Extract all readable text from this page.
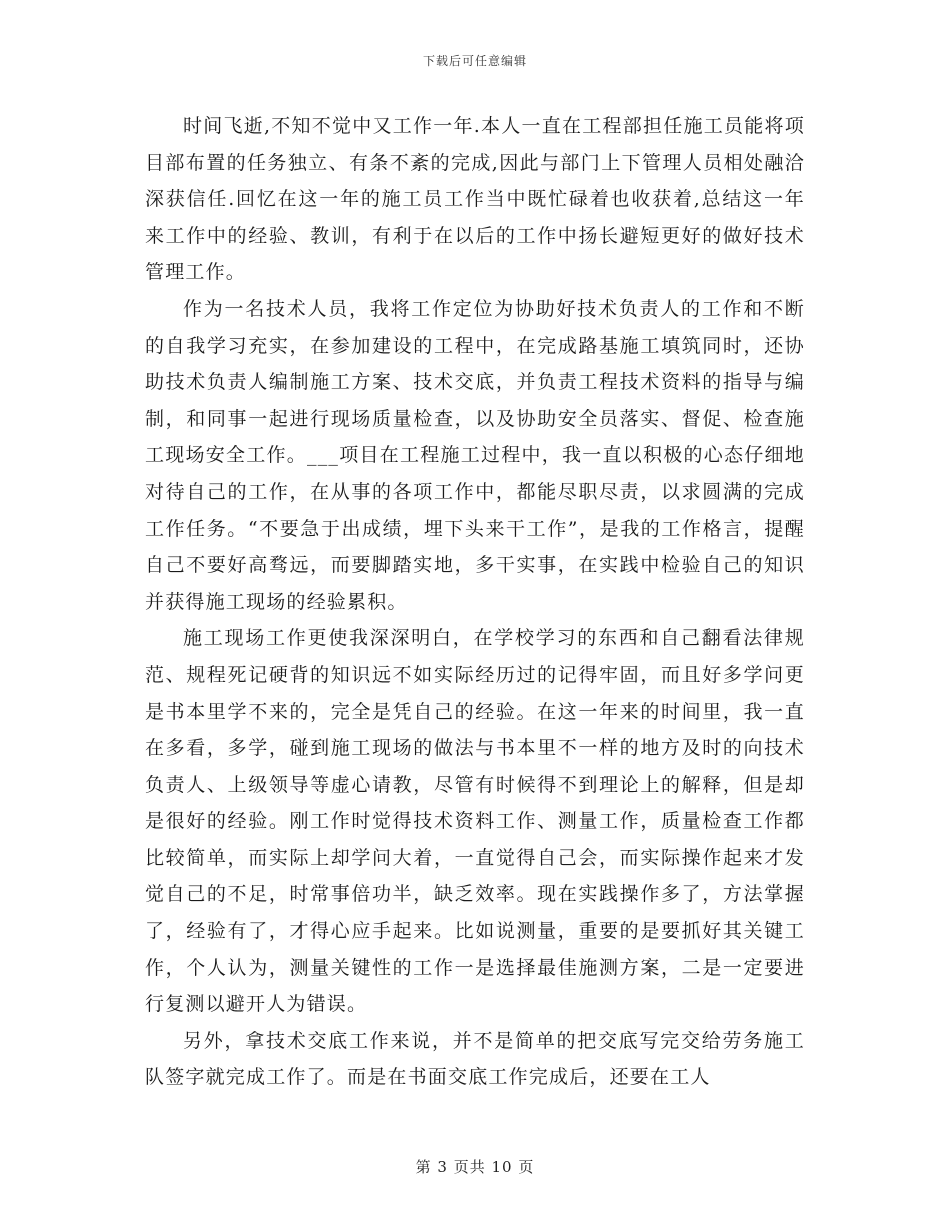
下载后可任意编辑

时间飞逝,不知不觉中又工作一年.本人一直在工程部担任施工员能将项目部布置的任务独立、有条不紊的完成,因此与部门上下管理人员相处融洽深获信任.回忆在这一年的施工员工作当中既忙碌着也收获着,总结这一年来工作中的经验、教训，有利于在以后的工作中扬长避短更好的做好技术管理工作。

作为一名技术人员，我将工作定位为协助好技术负责人的工作和不断的自我学习充实，在参加建设的工程中，在完成路基施工填筑同时，还协助技术负责人编制施工方案、技术交底，并负责工程技术资料的指导与编制，和同事一起进行现场质量检查，以及协助安全员落实、督促、检查施工现场安全工作。___项目在工程施工过程中，我一直以积极的心态仔细地对待自己的工作，在从事的各项工作中，都能尽职尽责，以求圆满的完成工作任务。“不要急于出成绩，埋下头来干工作”，是我的工作格言，提醒自己不要好高骛远，而要脚踏实地，多干实事，在实践中检验自己的知识并获得施工现场的经验累积。

施工现场工作更使我深深明白，在学校学习的东西和自己翻看法律规范、规程死记硬背的知识远不如实际经历过的记得牢固，而且好多学问更是书本里学不来的，完全是凭自己的经验。在这一年来的时间里，我一直在多看，多学，碰到施工现场的做法与书本里不一样的地方及时的向技术负责人、上级领导等虚心请教，尽管有时候得不到理论上的解释，但是却是很好的经验。刚工作时觉得技术资料工作、测量工作，质量检查工作都比较简单，而实际上却学问大着，一直觉得自己会，而实际操作起来才发觉自己的不足，时常事倍功半，缺乏效率。现在实践操作多了，方法掌握了，经验有了，才得心应手起来。比如说测量，重要的是要抓好其关键工作，个人认为，测量关键性的工作一是选择最佳施测方案，二是一定要进行复测以避开人为错误。

另外，拿技术交底工作来说，并不是简单的把交底写完交给劳务施工队签字就完成工作了。而是在书面交底工作完成后，还要在工人

第 3 页共 10 页
